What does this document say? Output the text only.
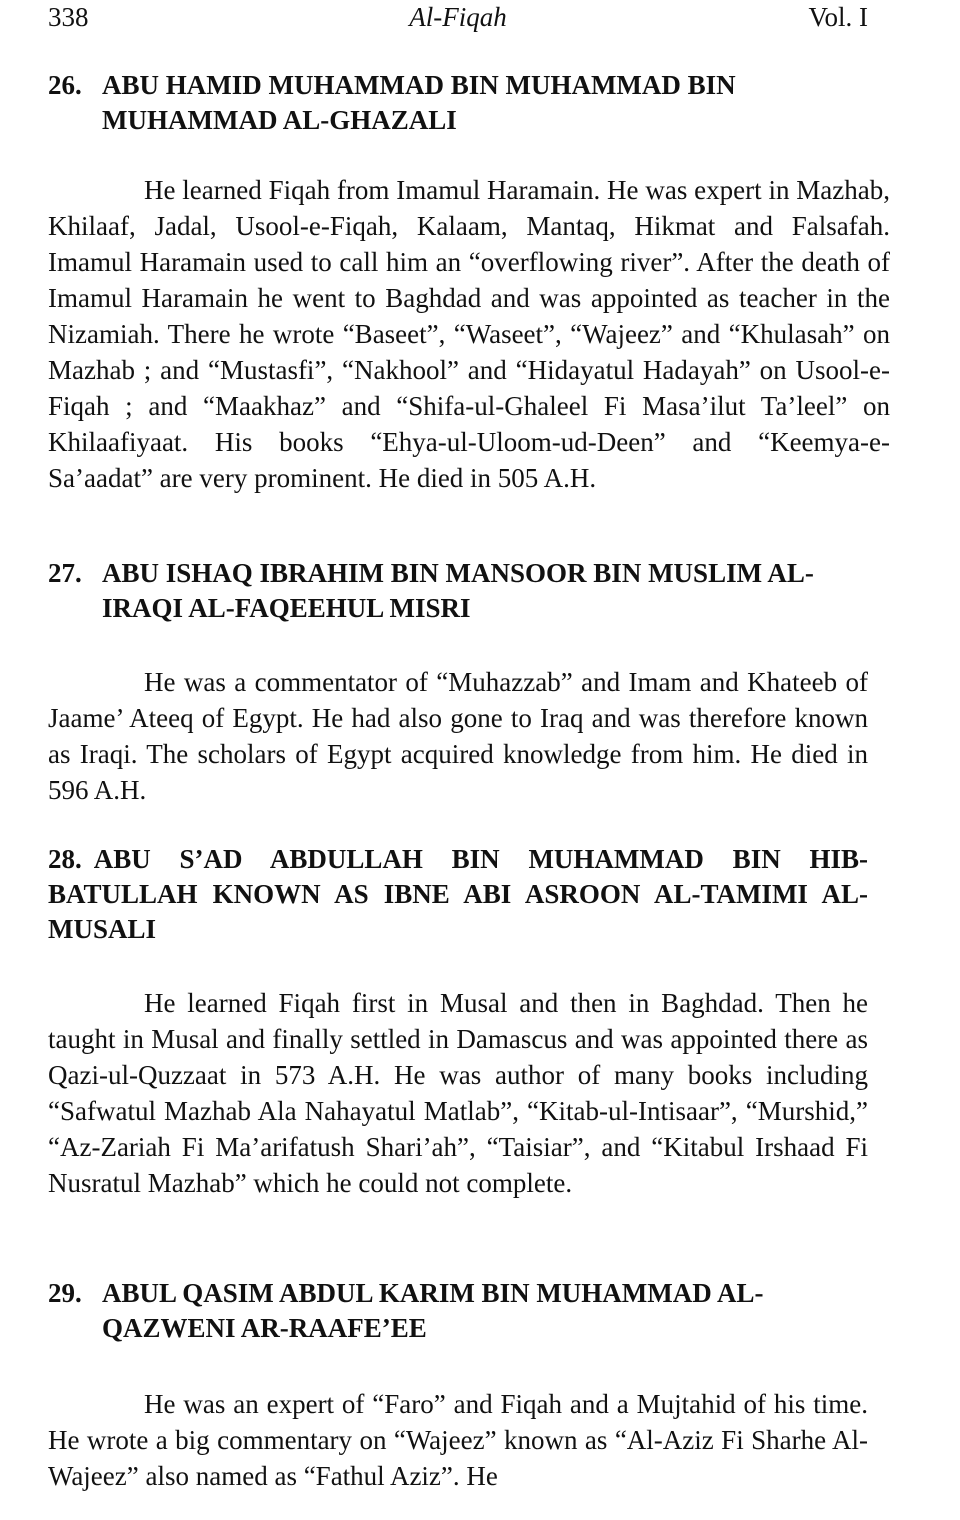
338	Al-Fiqah	Vol. I
26. ABU HAMID MUHAMMAD BIN MUHAMMAD BIN MUHAMMAD AL-GHAZALI

He learned Fiqah from Imamul Haramain. He was expert in Mazhab, Khilaaf, Jadal, Usool-e-Fiqah, Kalaam, Mantaq, Hikmat and Falsafah. Imamul Haramain used to call him an “overflowing river”. After the death of Imamul Haramain he went to Baghdad and was appointed as teacher in the Nizamiah. There he wrote “Baseet”, “Waseet”, “Wajeez” and “Khulasah” on Mazhab ; and “Mustasfi”, “Nakhool” and “Hidayatul Hadayah” on Usool-e-Fiqah ; and “Maakhaz” and “Shifa-ul-Ghaleel Fi Masa’ilut Ta’leel” on Khilaafiyaat. His books “Ehya-ul-Uloom-ud-Deen” and “Keemya-e-Sa’aadat” are very prominent. He died in 505 A.H.

27. ABU ISHAQ IBRAHIM BIN MANSOOR BIN MUSLIM AL-IRAQI AL-FAQEEHUL MISRI

He was a commentator of “Muhazzab” and Imam and Khateeb of Jaame’ Ateeq of Egypt. He had also gone to Iraq and was therefore known as Iraqi. The scholars of Egypt acquired knowledge from him. He died in 596 A.H.

28. ABU S’AD ABDULLAH BIN MUHAMMAD BIN HIB-BATULLAH KNOWN AS IBNE ABI ASROON AL-TAMIMI AL-MUSALI

He learned Fiqah first in Musal and then in Baghdad. Then he taught in Musal and finally settled in Damascus and was appointed there as Qazi-ul-Quzzaat in 573 A.H. He was author of many books including “Safwatul Mazhab Ala Nahayatul Matlab”, “Kitab-ul-Intisaar”, “Murshid,” “Az-Zariah Fi Ma’arifatush Shari’ah”, “Taisiar”, and “Kitabul Irshaad Fi Nusratul Mazhab” which he could not complete.

29. ABUL QASIM ABDUL KARIM BIN MUHAMMAD AL-QAZWENI AR-RAAFE’EE

He was an expert of “Faro” and Fiqah and a Mujtahid of his time. He wrote a big commentary on “Wajeez” known as “Al-Aziz Fi Sharhe Al-Wajeez” also named as “Fathul Aziz”. He
